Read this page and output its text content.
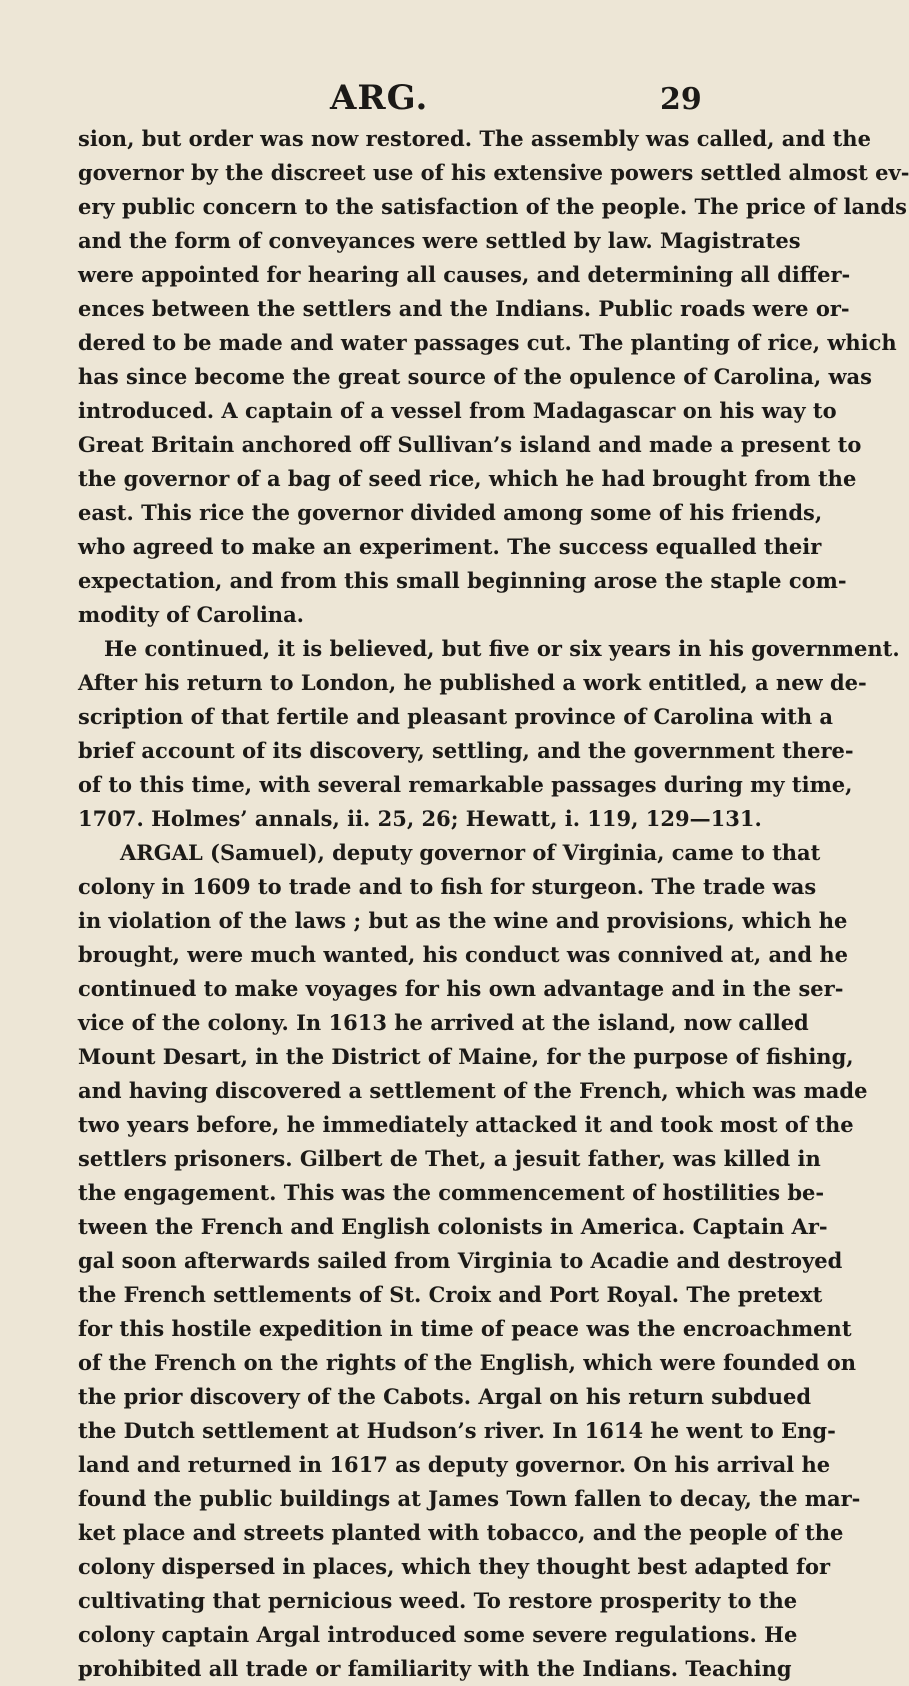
ARG.	29
sion, but order was now restored. The assembly was called, and the
governor by the discreet use of his extensive powers settled almost ev-
ery public concern to the satisfaction of the people. The price of lands
and the form of conveyances were settled by law. Magistrates
were appointed for hearing all causes, and determining all differ-
ences between the settlers and the Indians. Public roads were or-
dered to be made and water passages cut. The planting of rice, which
has since become the great source of the opulence of Carolina, was
introduced. A captain of a vessel from Madagascar on his way to
Great Britain anchored off Sullivan’s island and made a present to
the governor of a bag of seed rice, which he had brought from the
east. This rice the governor divided among some of his friends,
who agreed to make an experiment. The success equalled their
expectation, and from this small beginning arose the staple com-
modity of Carolina.
He continued, it is believed, but five or six years in his government.
After his return to London, he published a work entitled, a new de-
scription of that fertile and pleasant province of Carolina with a
brief account of its discovery, settling, and the government there-
of to this time, with several remarkable passages during my time,
1707. Holmes’ annals, ii. 25, 26; Hewatt, i. 119, 129—131.
ARGAL (Samuel), deputy governor of Virginia, came to that
colony in 1609 to trade and to fish for sturgeon. The trade was
in violation of the laws ; but as the wine and provisions, which he
brought, were much wanted, his conduct was connived at, and he
continued to make voyages for his own advantage and in the ser-
vice of the colony. In 1613 he arrived at the island, now called
Mount Desart, in the District of Maine, for the purpose of fishing,
and having discovered a settlement of the French, which was made
two years before, he immediately attacked it and took most of the
settlers prisoners. Gilbert de Thet, a jesuit father, was killed in
the engagement. This was the commencement of hostilities be-
tween the French and English colonists in America. Captain Ar-
gal soon afterwards sailed from Virginia to Acadie and destroyed
the French settlements of St. Croix and Port Royal. The pretext
for this hostile expedition in time of peace was the encroachment
of the French on the rights of the English, which were founded on
the prior discovery of the Cabots. Argal on his return subdued
the Dutch settlement at Hudson’s river. In 1614 he went to Eng-
land and returned in 1617 as deputy governor. On his arrival he
found the public buildings at James Town fallen to decay, the mar-
ket place and streets planted with tobacco, and the people of the
colony dispersed in places, which they thought best adapted for
cultivating that pernicious weed. To restore prosperity to the
colony captain Argal introduced some severe regulations. He
prohibited all trade or familiarity with the Indians. Teaching
